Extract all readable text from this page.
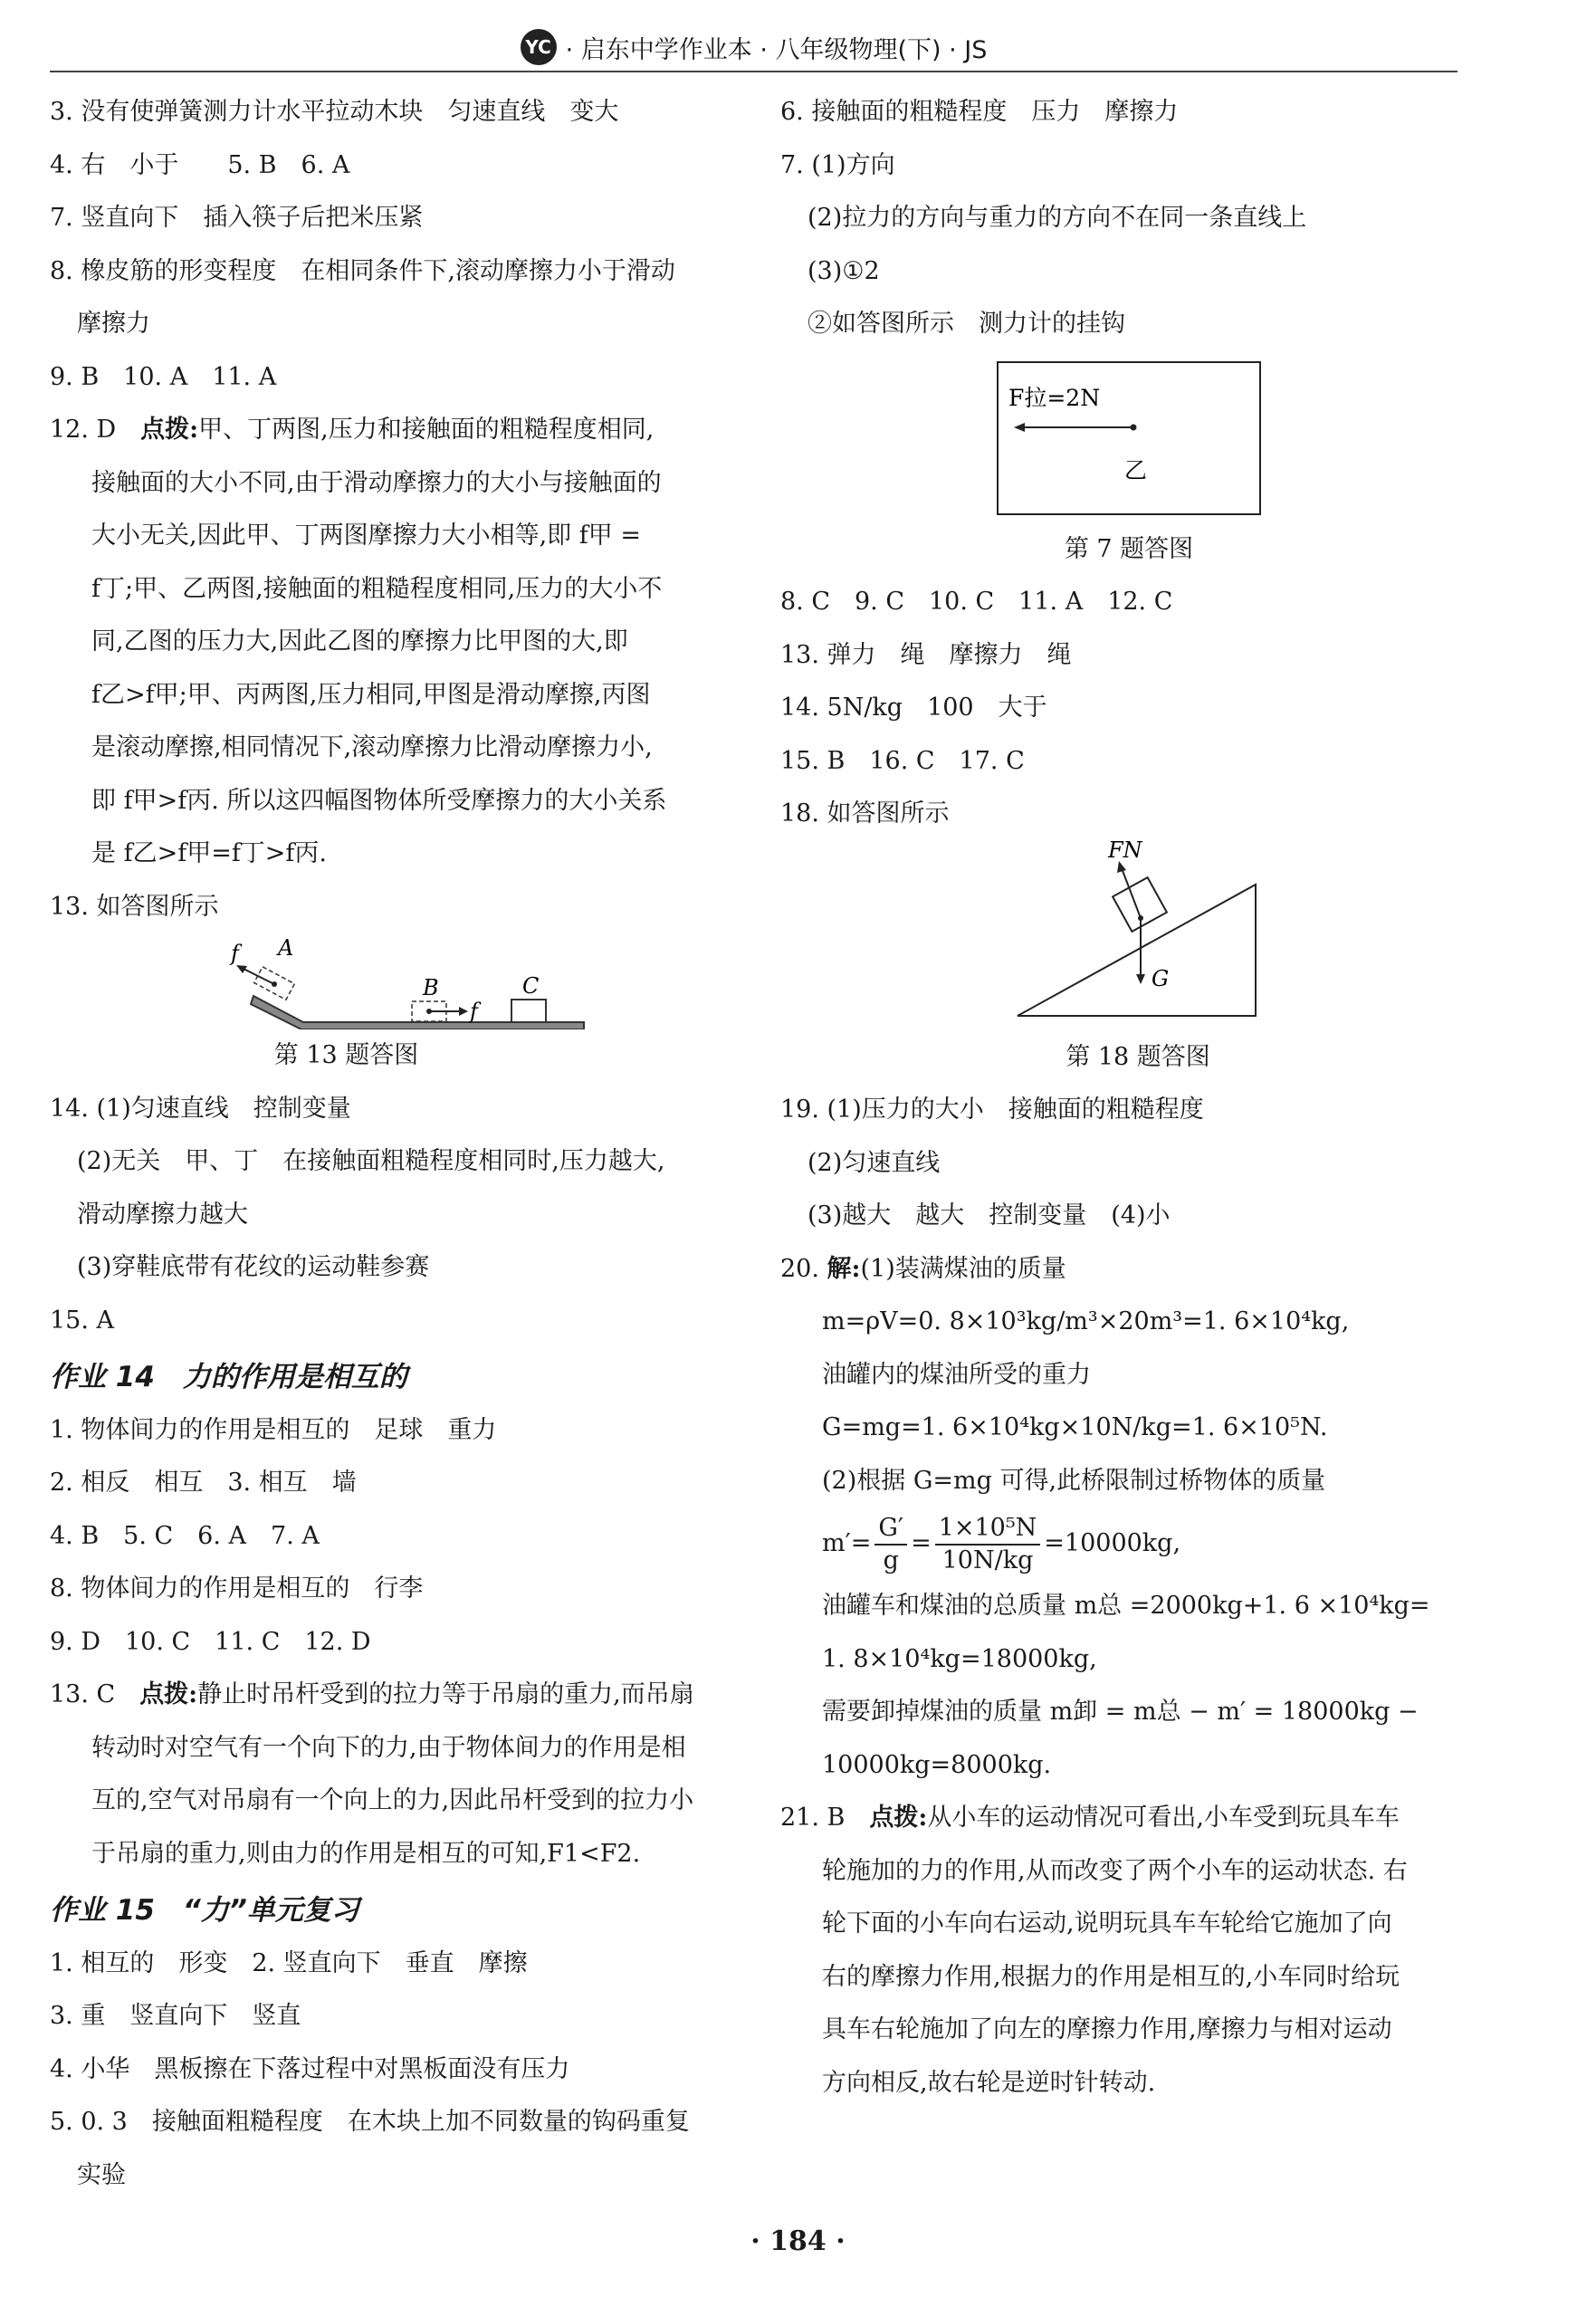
YC · 启东中学作业本 · 八年级物理(下) · JS
3. 没有使弹簧测力计水平拉动木块　匀速直线　变大
4. 右　小于　　5. B　6. A
7. 竖直向下　插入筷子后把米压紧
8. 橡皮筋的形变程度　在相同条件下,滚动摩擦力小于滑动
摩擦力
9. B　10. A　11. A
12. D　点拨:甲、丁两图,压力和接触面的粗糙程度相同,
接触面的大小不同,由于滑动摩擦力的大小与接触面的
大小无关,因此甲、丁两图摩擦力大小相等,即 f甲 =
f丁;甲、乙两图,接触面的粗糙程度相同,压力的大小不
同,乙图的压力大,因此乙图的摩擦力比甲图的大,即
f乙>f甲;甲、丙两图,压力相同,甲图是滑动摩擦,丙图
是滚动摩擦,相同情况下,滚动摩擦力比滑动摩擦力小,
即 f甲>f丙. 所以这四幅图物体所受摩擦力的大小关系
是 f乙>f甲=f丁>f丙.
13. 如答图所示
f A
B
f
C
第 13 题答图
14. (1)匀速直线　控制变量
(2)无关　甲、丁　在接触面粗糙程度相同时,压力越大,
滑动摩擦力越大
(3)穿鞋底带有花纹的运动鞋参赛
15. A
作业 14　力的作用是相互的
1. 物体间力的作用是相互的　足球　重力
2. 相反　相互　3. 相互　墙
4. B　5. C　6. A　7. A
8. 物体间力的作用是相互的　行李
9. D　10. C　11. C　12. D
13. C　点拨:静止时吊杆受到的拉力等于吊扇的重力,而吊扇
转动时对空气有一个向下的力,由于物体间力的作用是相
互的,空气对吊扇有一个向上的力,因此吊杆受到的拉力小
于吊扇的重力,则由力的作用是相互的可知,F1<F2.
作业 15　“力”单元复习
1. 相互的　形变　2. 竖直向下　垂直　摩擦
3. 重　竖直向下　竖直
4. 小华　黑板擦在下落过程中对黑板面没有压力
5. 0. 3　接触面粗糙程度　在木块上加不同数量的钩码重复
实验
6. 接触面的粗糙程度　压力　摩擦力
7. (1)方向
(2)拉力的方向与重力的方向不在同一条直线上
(3)①2
②如答图所示　测力计的挂钩
F拉=2N
乙
第 7 题答图
8. C　9. C　10. C　11. A　12. C
13. 弹力　绳　摩擦力　绳
14. 5N/kg　100　大于
15. B　16. C　17. C
18. 如答图所示
FN
G
第 18 题答图
19. (1)压力的大小　接触面的粗糙程度
(2)匀速直线
(3)越大　越大　控制变量　(4)小
20. 解:(1)装满煤油的质量
m=ρV=0. 8×10³kg/m³×20m³=1. 6×10⁴kg,
油罐内的煤油所受的重力
G=mg=1. 6×10⁴kg×10N/kg=1. 6×10⁵N.
(2)根据 G=mg 可得,此桥限制过桥物体的质量
$m'= \frac{G'}{g} = \frac{\text{1×10⁵N}}{10N/kg} =10000kg$,
油罐车和煤油的总质量 m总 =2000kg+1. 6 ×10⁴kg=
1. 8×10⁴kg=18000kg,
需要卸掉煤油的质量 m卸 = m总 − m′ = 18000kg −
10000kg=8000kg.
21. B　点拨:从小车的运动情况可看出,小车受到玩具车车
轮施加的力的作用,从而改变了两个小车的运动状态. 右
轮下面的小车向右运动,说明玩具车车轮给它施加了向
右的摩擦力作用,根据力的作用是相互的,小车同时给玩
具车右轮施加了向左的摩擦力作用,摩擦力与相对运动
方向相反,故右轮是逆时针转动.
· 184 ·
